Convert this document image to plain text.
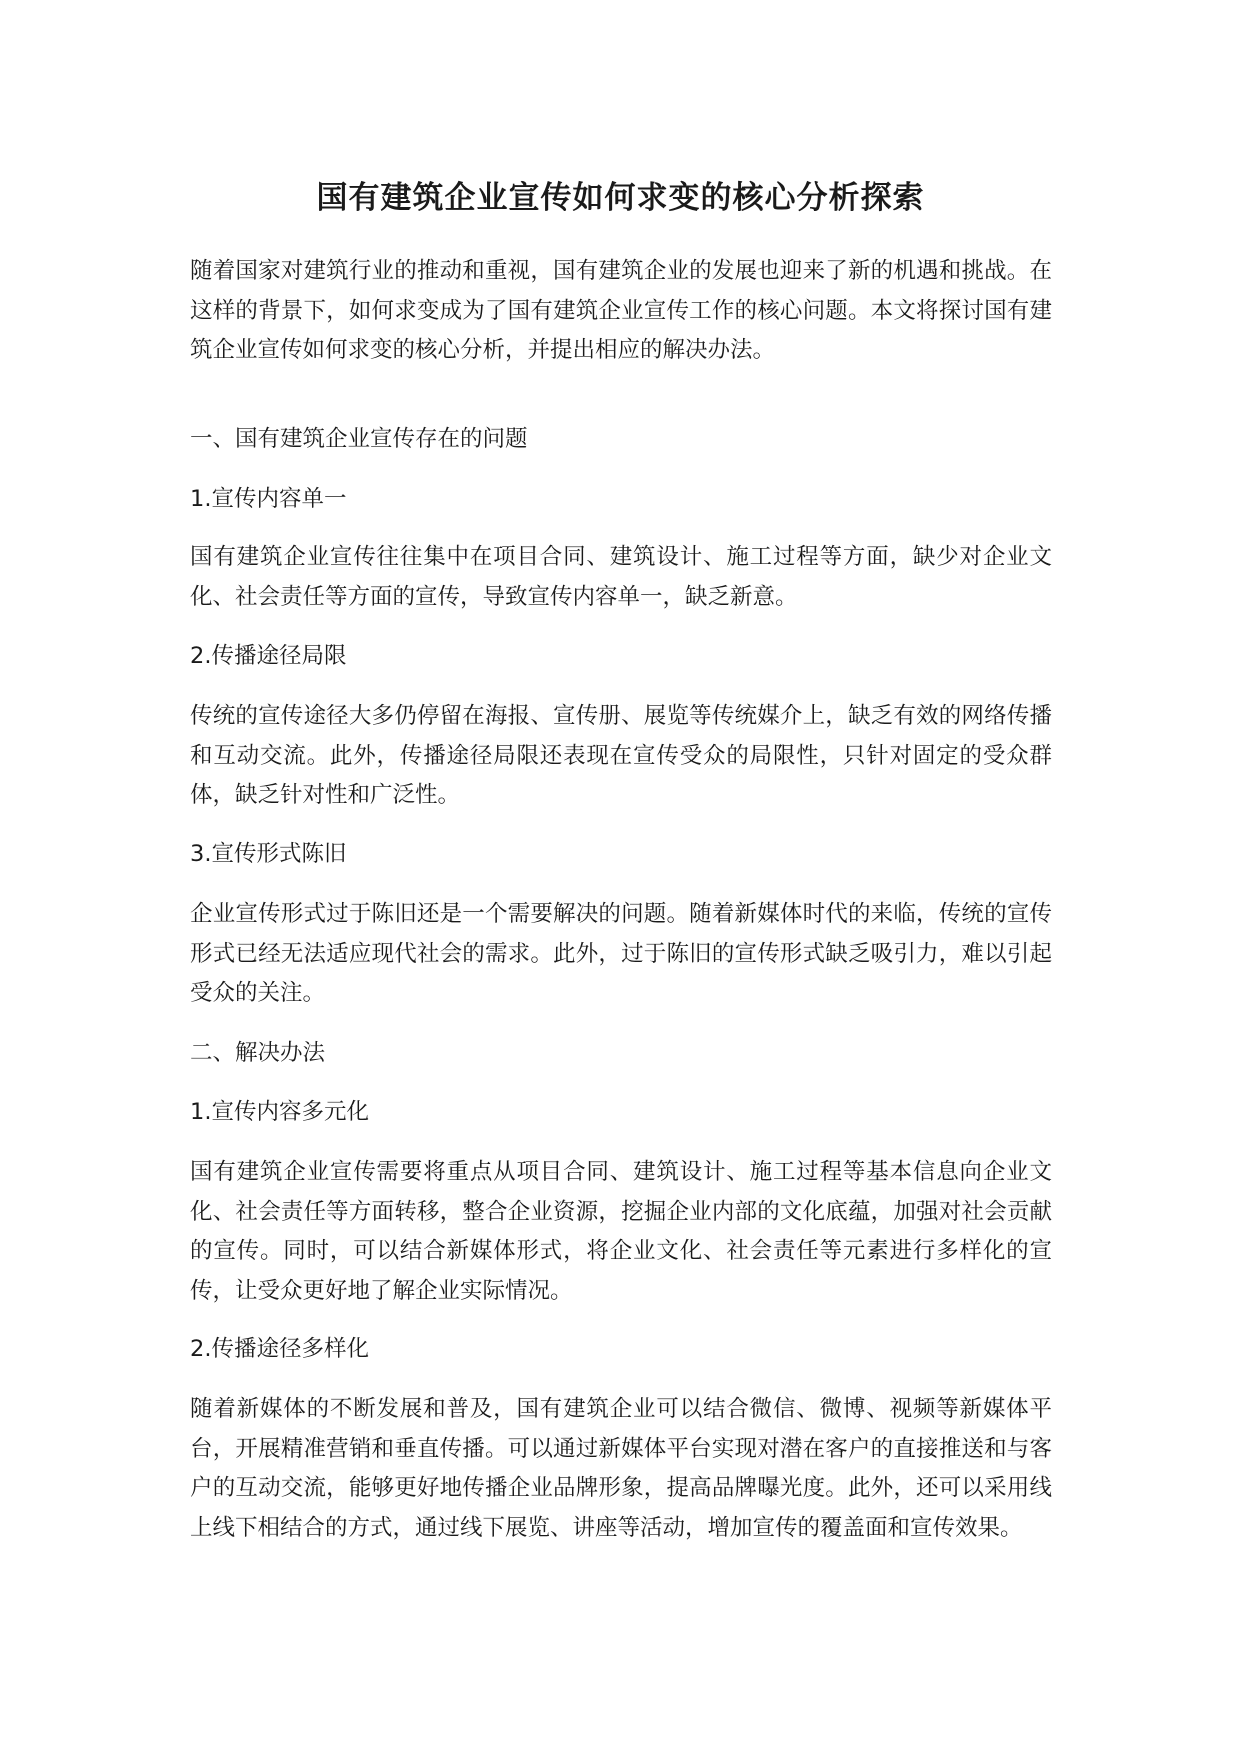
国有建筑企业宣传如何求变的核心分析探索

随着国家对建筑行业的推动和重视，国有建筑企业的发展也迎来了新的机遇和挑战。在这样的背景下，如何求变成为了国有建筑企业宣传工作的核心问题。本文将探讨国有建筑企业宣传如何求变的核心分析，并提出相应的解决办法。

一、国有建筑企业宣传存在的问题

1.宣传内容单一

国有建筑企业宣传往往集中在项目合同、建筑设计、施工过程等方面，缺少对企业文化、社会责任等方面的宣传，导致宣传内容单一，缺乏新意。

2.传播途径局限

传统的宣传途径大多仍停留在海报、宣传册、展览等传统媒介上，缺乏有效的网络传播和互动交流。此外，传播途径局限还表现在宣传受众的局限性，只针对固定的受众群体，缺乏针对性和广泛性。

3.宣传形式陈旧

企业宣传形式过于陈旧还是一个需要解决的问题。随着新媒体时代的来临，传统的宣传形式已经无法适应现代社会的需求。此外，过于陈旧的宣传形式缺乏吸引力，难以引起受众的关注。

二、解决办法

1.宣传内容多元化

国有建筑企业宣传需要将重点从项目合同、建筑设计、施工过程等基本信息向企业文化、社会责任等方面转移，整合企业资源，挖掘企业内部的文化底蕴，加强对社会贡献的宣传。同时，可以结合新媒体形式，将企业文化、社会责任等元素进行多样化的宣传，让受众更好地了解企业实际情况。

2.传播途径多样化

随着新媒体的不断发展和普及，国有建筑企业可以结合微信、微博、视频等新媒体平台，开展精准营销和垂直传播。可以通过新媒体平台实现对潜在客户的直接推送和与客户的互动交流，能够更好地传播企业品牌形象，提高品牌曝光度。此外，还可以采用线上线下相结合的方式，通过线下展览、讲座等活动，增加宣传的覆盖面和宣传效果。
